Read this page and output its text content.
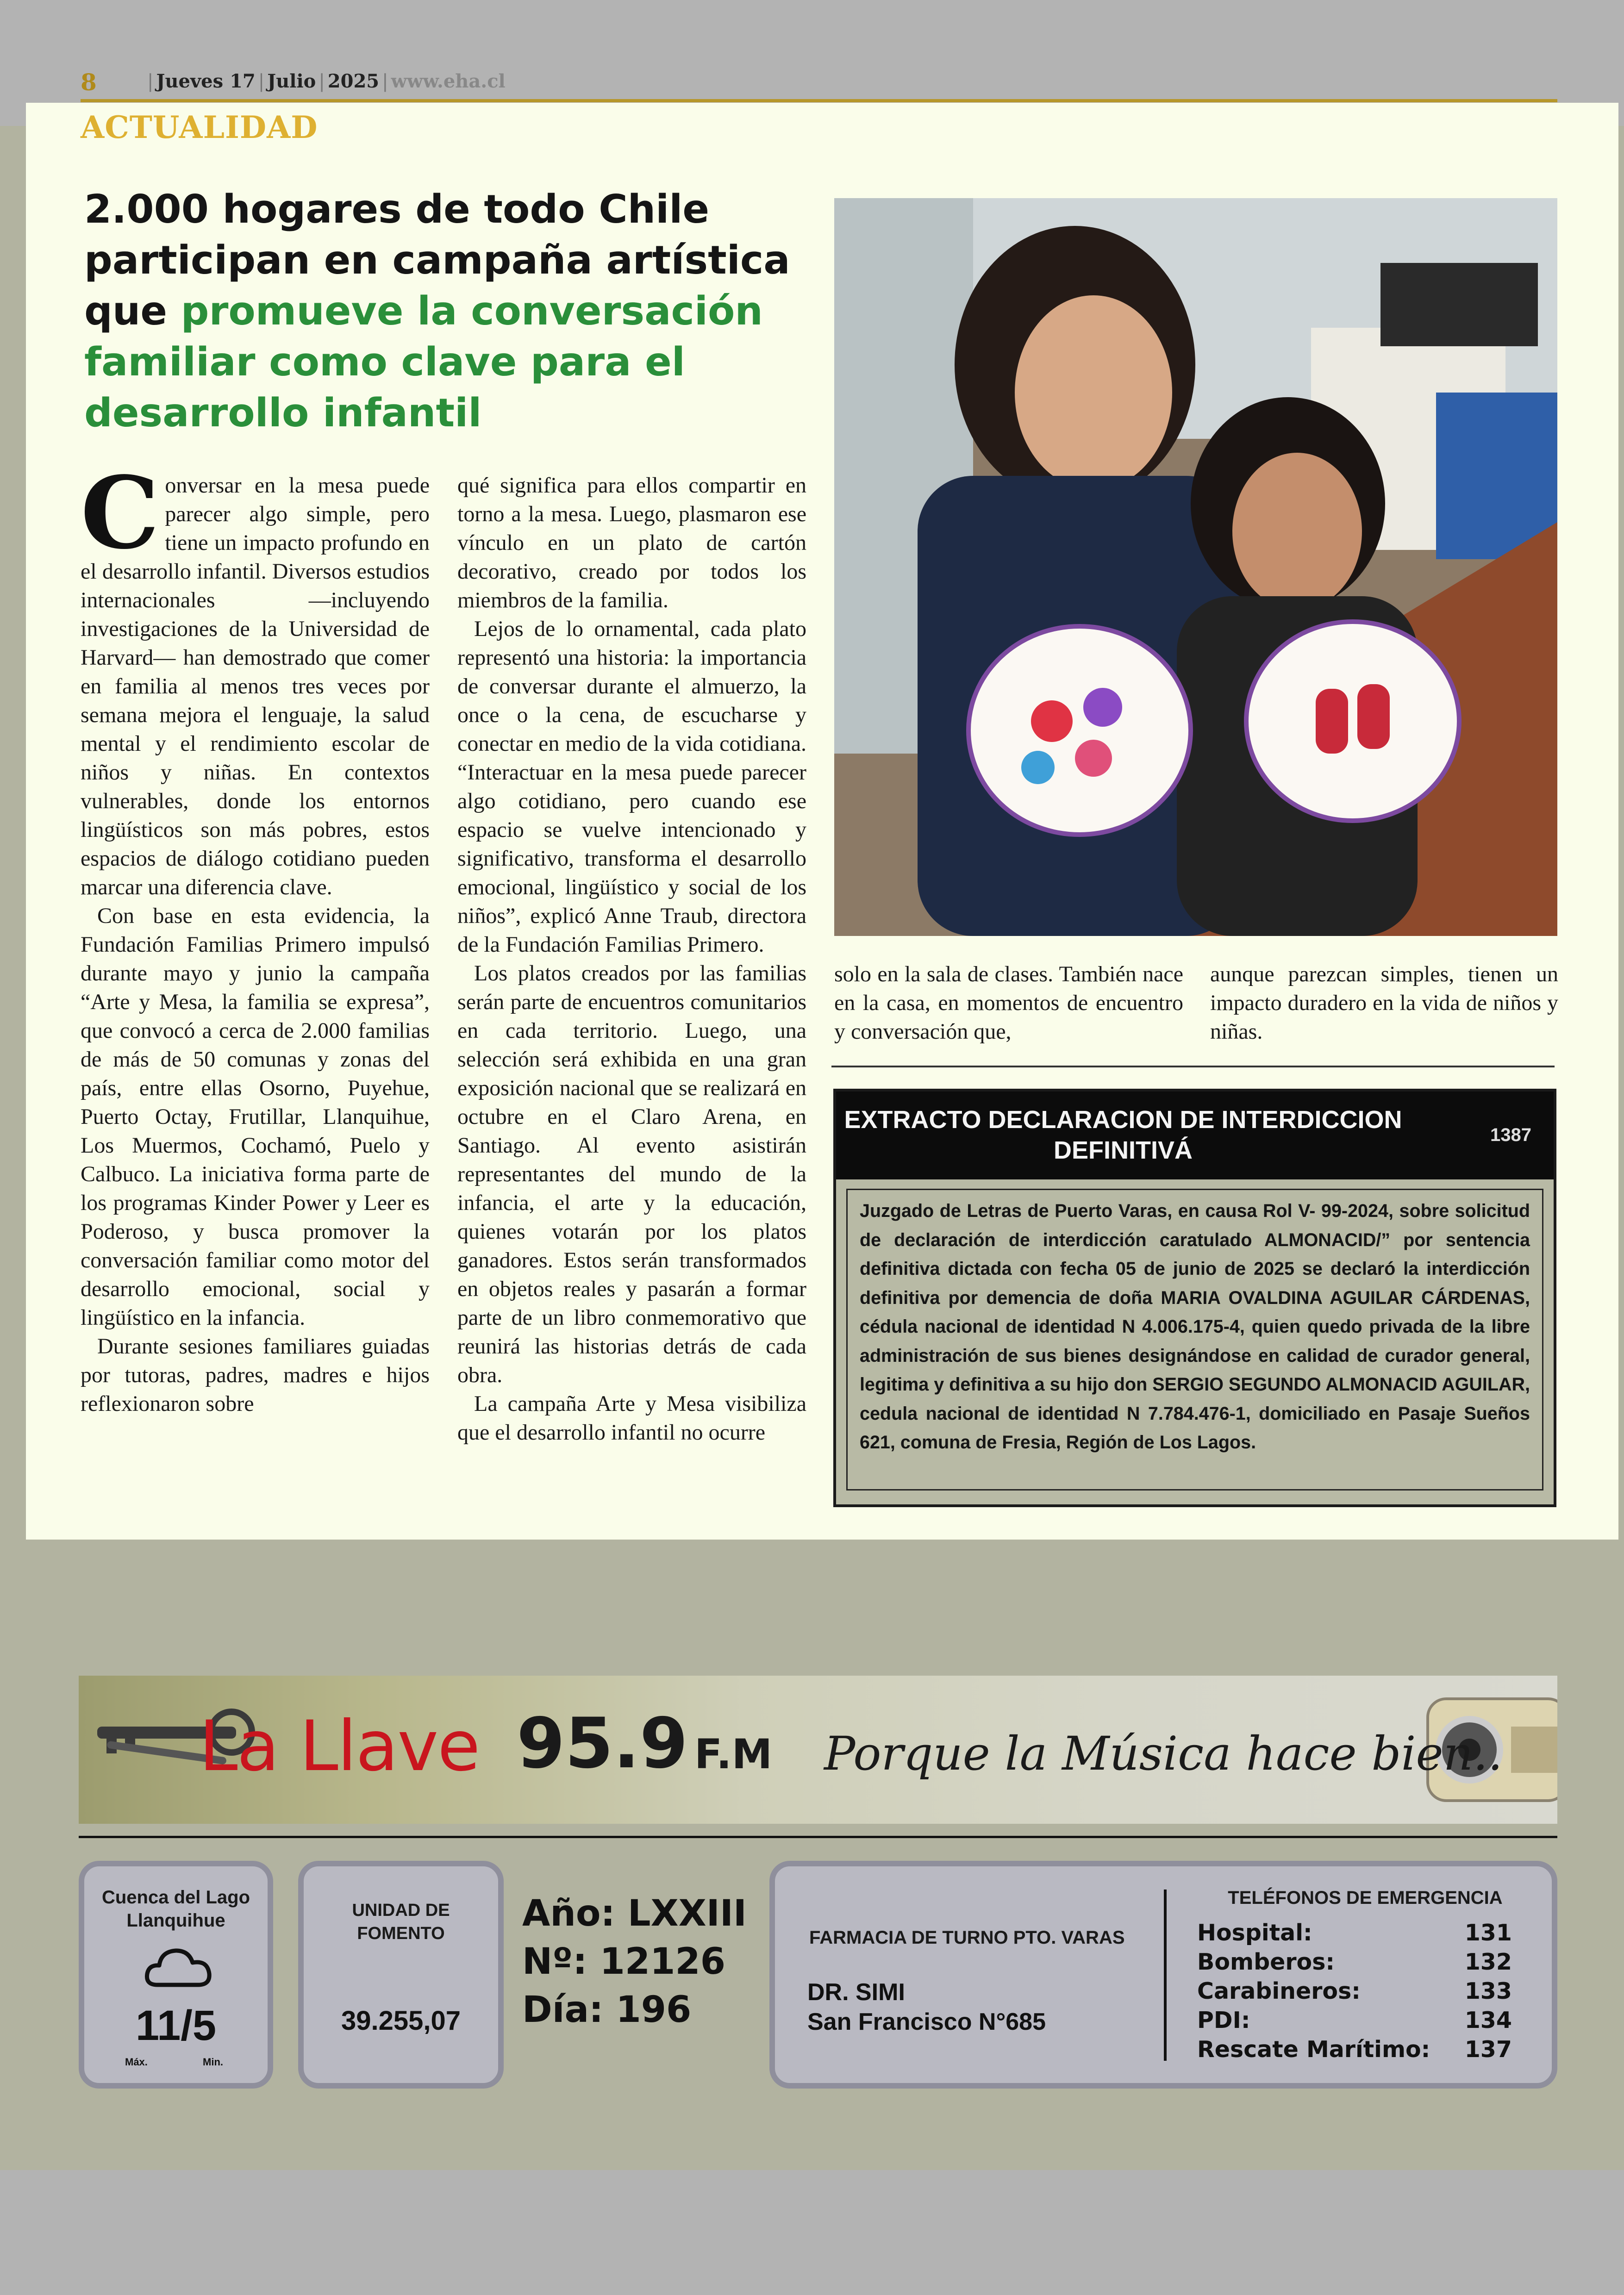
8	| Jueves 17 | Julio | 2025 | www.eha.cl
ACTUALIDAD
2.000 hogares de todo Chile participan en campaña artística que promueve la conversación familiar como clave para el desarrollo infantil
C onversar en la mesa puede parecer algo simple, pero tiene un impacto profundo en el desarrollo infantil. Diversos estudios internacionales —incluyendo investigaciones de la Universidad de Harvard— han demostrado que comer en familia al menos tres veces por semana mejora el lenguaje, la salud mental y el rendimiento escolar de niños y niñas. En contextos vulnerables, donde los entornos lingüísticos son más pobres, estos espacios de diálogo cotidiano pueden marcar una diferencia clave.

Con base en esta evidencia, la Fundación Familias Primero impulsó durante mayo y junio la campaña “Arte y Mesa, la familia se expresa”, que convocó a cerca de 2.000 familias de más de 50 comunas y zonas del país, entre ellas Osorno, Puyehue, Puerto Octay, Frutillar, Llanquihue, Los Muermos, Cochamó, Puelo y Calbuco. La iniciativa forma parte de los programas Kinder Power y Leer es Poderoso, y busca promover la conversación familiar como motor del desarrollo emocional, social y lingüístico en la infancia.

Durante sesiones familiares guiadas por tutoras, padres, madres e hijos reflexionaron sobre

qué significa para ellos compartir en torno a la mesa. Luego, plasmaron ese vínculo en un plato de cartón decorativo, creado por todos los miembros de la familia.

Lejos de lo ornamental, cada plato representó una historia: la importancia de conversar durante el almuerzo, la once o la cena, de escucharse y conectar en medio de la vida cotidiana. “Interactuar en la mesa puede parecer algo cotidiano, pero cuando ese espacio se vuelve intencionado y significativo, transforma el desarrollo emocional, lingüístico y social de los niños”, explicó Anne Traub, directora de la Fundación Familias Primero.

Los platos creados por las familias serán parte de encuentros comunitarios en cada territorio. Luego, una selección será exhibida en una gran exposición nacional que se realizará en octubre en el Claro Arena, en Santiago. Al evento asistirán representantes del mundo de la infancia, el arte y la educación, quienes votarán por los platos ganadores. Estos serán transformados en objetos reales y pasarán a formar parte de un libro conmemorativo que reunirá las historias detrás de cada obra.

La campaña Arte y Mesa visibiliza que el desarrollo infantil no ocurre

solo en la sala de clases. También nace en la casa, en momentos de encuentro y conversación que,

aunque parezcan simples, tienen un impacto duradero en la vida de niños y niñas.

EXTRACTO DECLARACION DE INTERDICCION DEFINITIVÁ
1387

Juzgado de Letras de Puerto Varas, en causa Rol V- 99-2024, sobre solicitud de declaración de interdicción caratulado ALMONACID/” por sentencia definitiva dictada con fecha 05 de junio de 2025 se declaró la interdicción definitiva por demencia de doña MARIA OVALDINA AGUILAR CÁRDENAS, cédula nacional de identidad N 4.006.175-4, quien quedo privada de la libre administración de sus bienes designándose en calidad de curador general, legitima y definitiva a su hijo don SERGIO SEGUNDO ALMONACID AGUILAR, cedula nacional de identidad N 7.784.476-1, domiciliado en Pasaje Sueños 621, comuna de Fresia, Región de Los Lagos.

La Llave 95.9 F.M Porque la Música hace bien..
Cuenca del Lago Llanquihue
11/5
Máx.	Min.
UNIDAD DE FOMENTO
39.255,07
Año: LXXIII
Nº: 12126
Día: 196
FARMACIA DE TURNO PTO. VARAS
DR. SIMI
San Francisco N°685
TELÉFONOS DE EMERGENCIA
Hospital:	131
Bomberos:	132
Carabineros:	133
PDI:	134
Rescate Marítimo: 137
